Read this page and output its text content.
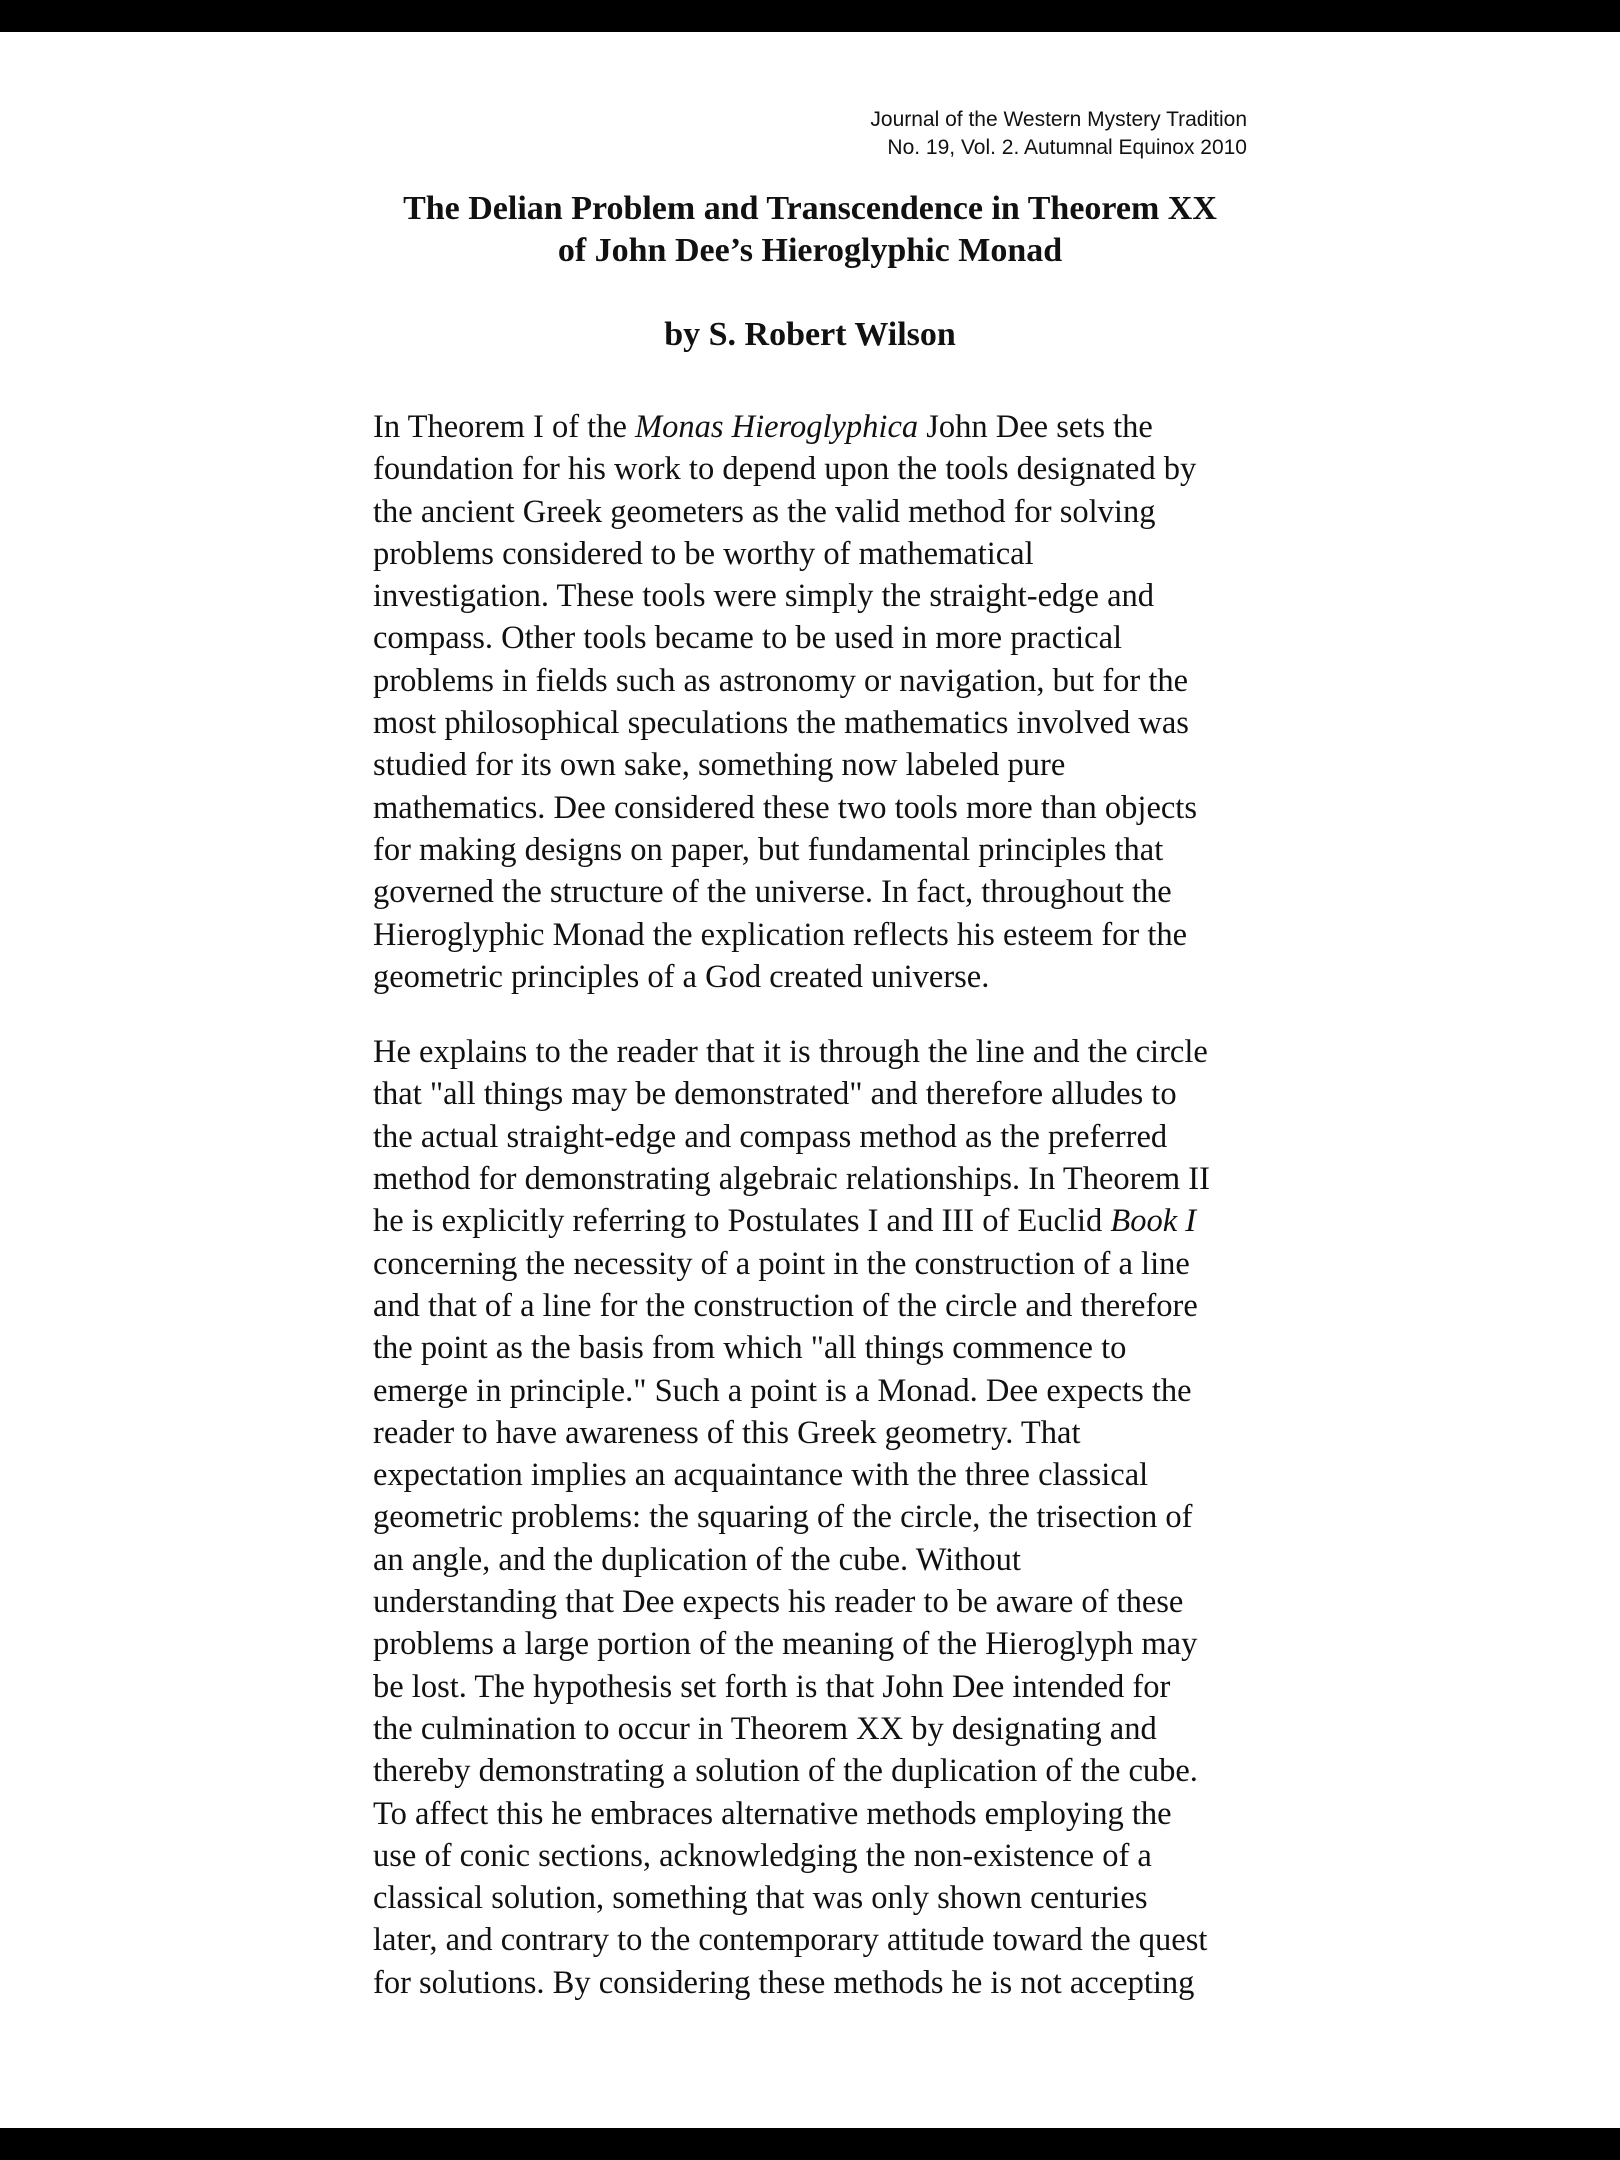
Journal of the Western Mystery Tradition
No. 19, Vol. 2. Autumnal Equinox 2010
The Delian Problem and Transcendence in Theorem XX
of John Dee’s Hieroglyphic Monad
by S. Robert Wilson
In Theorem I of the Monas Hieroglyphica John Dee sets the
foundation for his work to depend upon the tools designated by
the ancient Greek geometers as the valid method for solving
problems considered to be worthy of mathematical
investigation. These tools were simply the straight-edge and
compass. Other tools became to be used in more practical
problems in fields such as astronomy or navigation, but for the
most philosophical speculations the mathematics involved was
studied for its own sake, something now labeled pure
mathematics. Dee considered these two tools more than objects
for making designs on paper, but fundamental principles that
governed the structure of the universe. In fact, throughout the
Hieroglyphic Monad the explication reflects his esteem for the
geometric principles of a God created universe.
He explains to the reader that it is through the line and the circle
that "all things may be demonstrated" and therefore alludes to
the actual straight-edge and compass method as the preferred
method for demonstrating algebraic relationships. In Theorem II
he is explicitly referring to Postulates I and III of Euclid Book I
concerning the necessity of a point in the construction of a line
and that of a line for the construction of the circle and therefore
the point as the basis from which "all things commence to
emerge in principle." Such a point is a Monad. Dee expects the
reader to have awareness of this Greek geometry. That
expectation implies an acquaintance with the three classical
geometric problems: the squaring of the circle, the trisection of
an angle, and the duplication of the cube. Without
understanding that Dee expects his reader to be aware of these
problems a large portion of the meaning of the Hieroglyph may
be lost. The hypothesis set forth is that John Dee intended for
the culmination to occur in Theorem XX by designating and
thereby demonstrating a solution of the duplication of the cube.
To affect this he embraces alternative methods employing the
use of conic sections, acknowledging the non-existence of a
classical solution, something that was only shown centuries
later, and contrary to the contemporary attitude toward the quest
for solutions. By considering these methods he is not accepting
